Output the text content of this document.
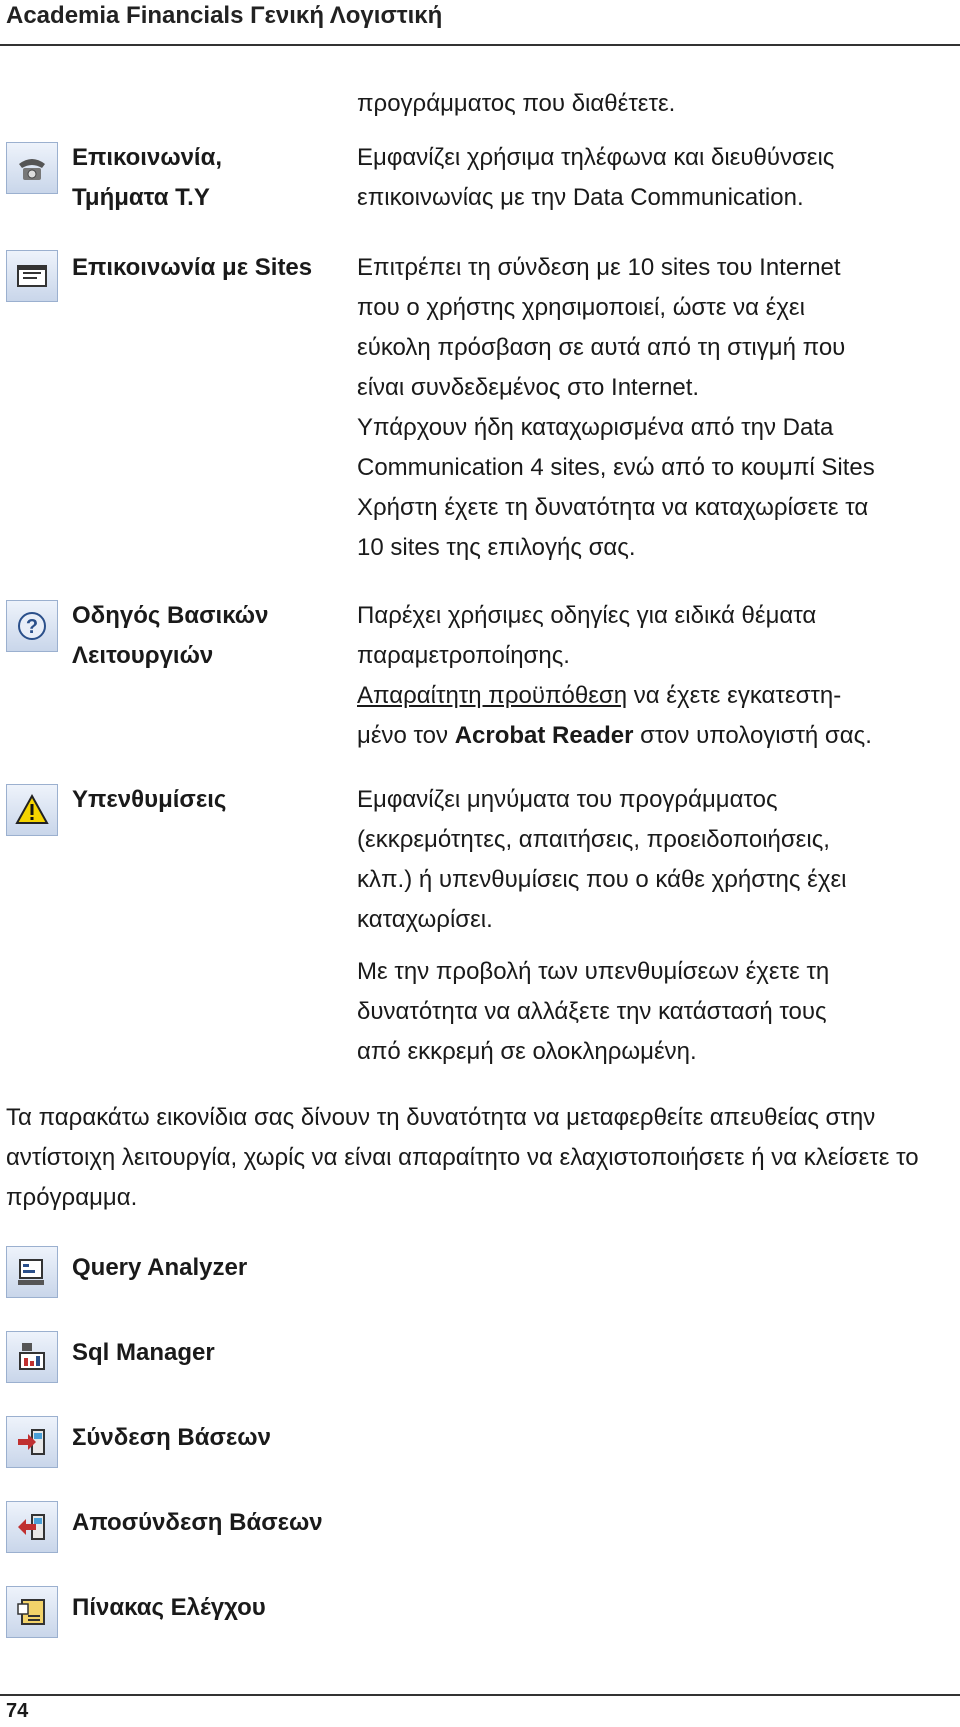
Academia Financials Γενική Λογιστική
προγράμματος που διαθέτετε.
Επικοινωνία,
Τμήματα Τ.Υ

Εμφανίζει χρήσιμα τηλέφωνα και διευθύνσεις

επικοινωνίας με την Data Communication.

Επικοινωνία με Sites Επιτρέπει τη σύνδεση με 10 sites του Internet

που ο χρήστης χρησιμοποιεί, ώστε να έχει

εύκολη πρόσβαση σε αυτά από τη στιγμή που

είναι συνδεδεμένος στο Internet.

Υπάρχουν ήδη καταχωρισμένα από την Data

Communication 4 sites, ενώ από το κουμπί Sites

Χρήστη έχετε τη δυνατότητα να καταχωρίσετε τα

10 sites της επιλογής σας.

? Οδηγός Βασικών
Λειτουργιών

Παρέχει χρήσιμες οδηγίες για ειδικά θέματα

παραμετροποίησης.

Απαραίτητη προϋπόθεση να έχετε εγκατεστη-

μένο τον Acrobat Reader στον υπολογιστή σας.

Υπενθυμίσεις	Εμφανίζει μηνύματα του προγράμματος

(εκκρεμότητες, απαιτήσεις, προειδοποιήσεις,

κλπ.) ή υπενθυμίσεις που ο κάθε χρήστης έχει

καταχωρίσει.

Με την προβολή των υπενθυμίσεων έχετε τη

δυνατότητα να αλλάξετε την κατάστασή τους

από εκκρεμή σε ολοκληρωμένη.

Τα παρακάτω εικονίδια σας δίνουν τη δυνατότητα να μεταφερθείτε απευθείας στην αντίστοιχη λειτουργία, χωρίς να είναι απαραίτητο να ελαχιστοποιήσετε ή να κλείσετε το πρόγραμμα.
Query Analyzer
Sql Manager
Σύνδεση Βάσεων
Αποσύνδεση Βάσεων
Πίνακας Ελέγχου
74
